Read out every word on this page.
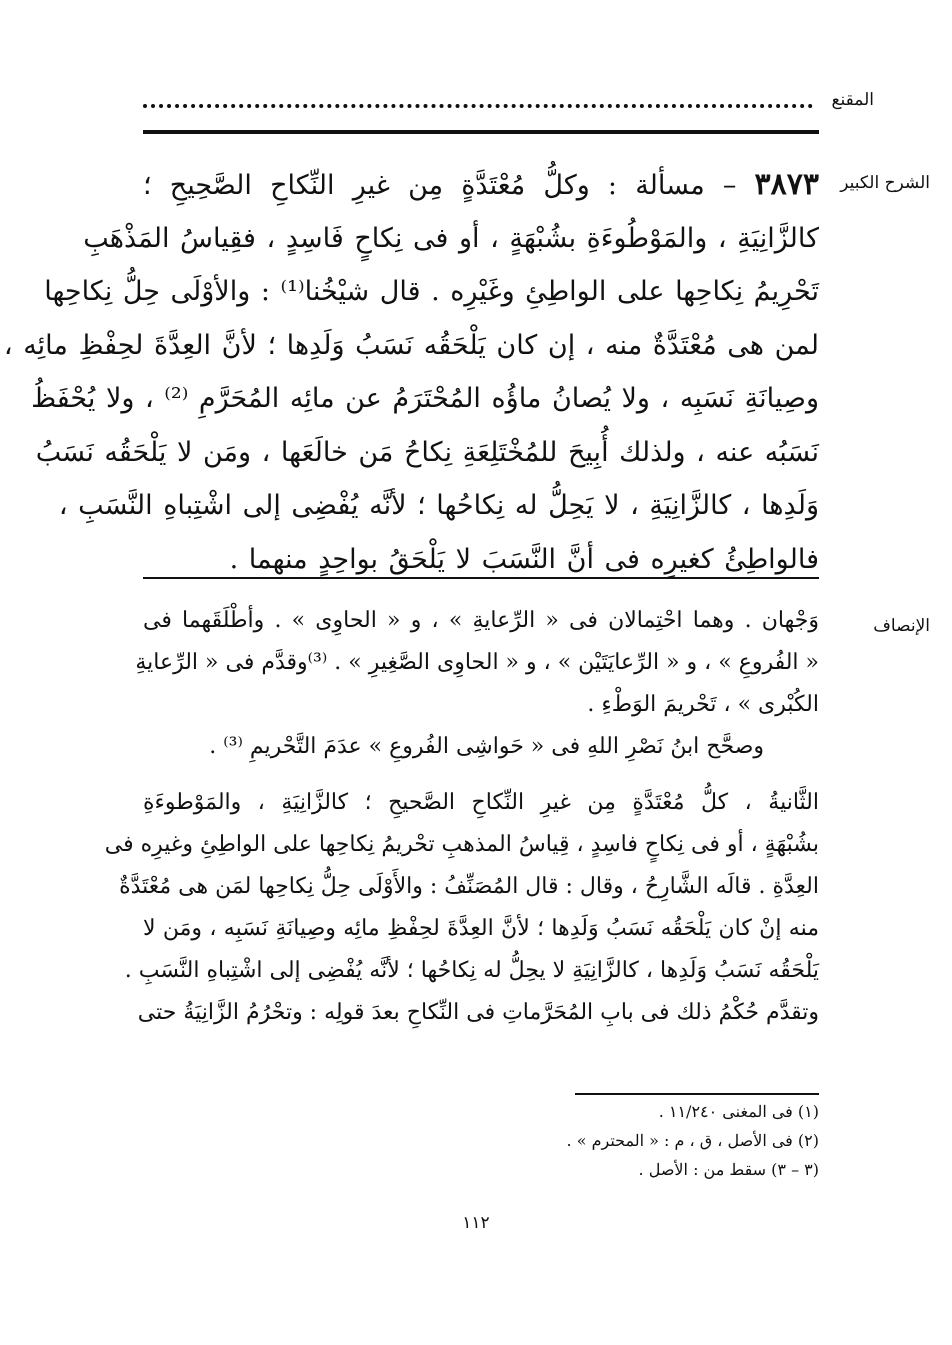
المقنع
الشرح الكبير
٣٨٧٣ – مسألة : وكلُّ مُعْتَدَّةٍ مِن غيرِ النِّكاحِ الصَّحِيحِ ؛
كالزَّانِيَةِ ، والمَوْطُوءَةِ بشُبْهَةٍ ، أو فى نِكاحٍ فَاسِدٍ ، فقِياسُ المَذْهَبِ
تَحْرِيمُ نِكاحِها على الواطِئِ وغَيْرِه . قال شيْخُنا⁽¹⁾ : والأوْلَى حِلُّ نِكاحِها
لمن هى مُعْتَدَّةٌ منه ، إن كان يَلْحَقُه نَسَبُ وَلَدِها ؛ لأنَّ العِدَّةَ لحِفْظِ مائِه ،
وصِيانَةِ نَسَبِه ، ولا يُصانُ ماؤُه المُحْتَرَمُ عن مائِه المُحَرَّمِ ⁽²⁾ ، ولا يُحْفَظُ
نَسَبُه عنه ، ولذلك أُبِيحَ للمُخْتَلِعَةِ نِكاحُ مَن خالَعَها ، ومَن لا يَلْحَقُه نَسَبُ
وَلَدِها ، كالزَّانِيَةِ ، لا يَحِلُّ له نِكاحُها ؛ لأنَّه يُفْضِى إلى اشْتِباهِ النَّسَبِ ،
فالواطِئُ كغيرِه فى أنَّ النَّسَبَ لا يَلْحَقُ بواحِدٍ منهما .
الإنصاف
وَجْهان . وهما احْتِمالان فى « الرِّعايةِ » ، و « الحاوِى » . وأطْلَقَهما فى
« الفُروعِ » ، و « الرِّعايَتَيْن » ، و « الحاوِى الصَّغِيرِ » . ⁽³⁾وقدَّم فى « الرِّعايةِ
الكُبْرى » ، تَحْريمَ الوَطْءِ .
وصحَّح ابنُ نَصْرِ اللهِ فى « حَواشِى الفُروعِ » عدَمَ التَّحْريمِ ⁽³⁾ .
الثَّانيةُ ، كلُّ مُعْتَدَّةٍ مِن غيرِ النِّكاحِ الصَّحيحِ ؛ كالزَّانِيَةِ ، والمَوْطوءَةِ
بشُبْهَةٍ ، أو فى نِكاحٍ فاسِدٍ ، قِياسُ المذهبِ تحْريمُ نِكاحِها على الواطِئِ وغيرِه فى
العِدَّةِ . قالَه الشَّارِحُ ، وقال : قال المُصَنِّفُ : والأَوْلَى حِلُّ نِكاحِها لمَن هى مُعْتَدَّةٌ
منه إنْ كان يَلْحَقُه نَسَبُ وَلَدِها ؛ لأنَّ العِدَّةَ لحِفْظِ مائِه وصِيانَةِ نَسَبِه ، ومَن لا
يَلْحَقُه نَسَبُ وَلَدِها ، كالزَّانِيَةِ لا يحِلُّ له نِكاحُها ؛ لأنَّه يُفْضِى إلى اشْتِباهِ النَّسَبِ .
وتقدَّم حُكْمُ ذلك فى بابِ المُحَرَّماتِ فى النِّكاحِ بعدَ قولِه : وتحْرُمُ الزَّانِيَةُ حتى
(١) فى المغنى ١١/٢٤٠ .
(٢) فى الأصل ، ق ، م : « المحترم » .
(٣ – ٣) سقط من : الأصل .
١١٢
